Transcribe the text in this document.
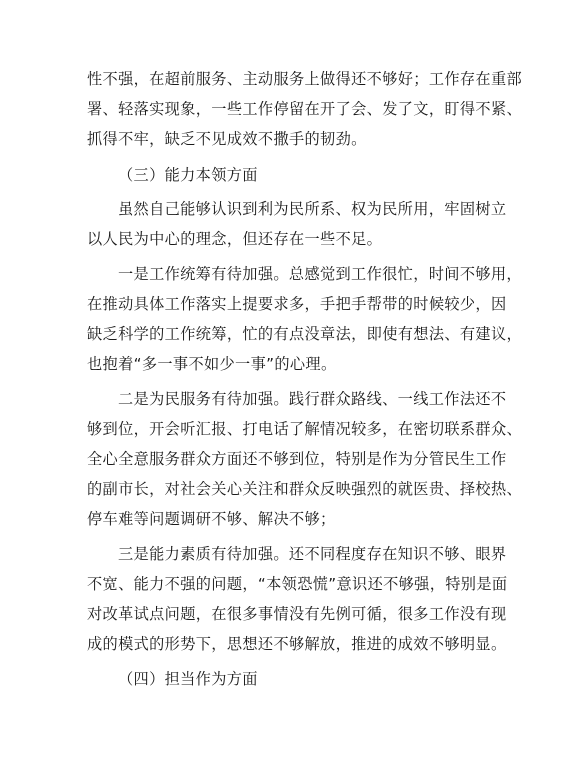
性不强，在超前服务、主动服务上做得还不够好；工作存在重部
署、轻落实现象，一些工作停留在开了会、发了文，盯得不紧、
抓得不牢，缺乏不见成效不撒手的韧劲。
（三）能力本领方面
虽然自己能够认识到利为民所系、权为民所用，牢固树立
以人民为中心的理念，但还存在一些不足。
一是工作统筹有待加强。总感觉到工作很忙，时间不够用，
在推动具体工作落实上提要求多，手把手帮带的时候较少，因
缺乏科学的工作统筹，忙的有点没章法，即使有想法、有建议，
也抱着“多一事不如少一事”的心理。
二是为民服务有待加强。践行群众路线、一线工作法还不
够到位，开会听汇报、打电话了解情况较多，在密切联系群众、
全心全意服务群众方面还不够到位，特别是作为分管民生工作
的副市长，对社会关心关注和群众反映强烈的就医贵、择校热、
停车难等问题调研不够、解决不够；
三是能力素质有待加强。还不同程度存在知识不够、眼界
不宽、能力不强的问题，“本领恐慌”意识还不够强，特别是面
对改革试点问题，在很多事情没有先例可循，很多工作没有现
成的模式的形势下，思想还不够解放，推进的成效不够明显。
（四）担当作为方面
